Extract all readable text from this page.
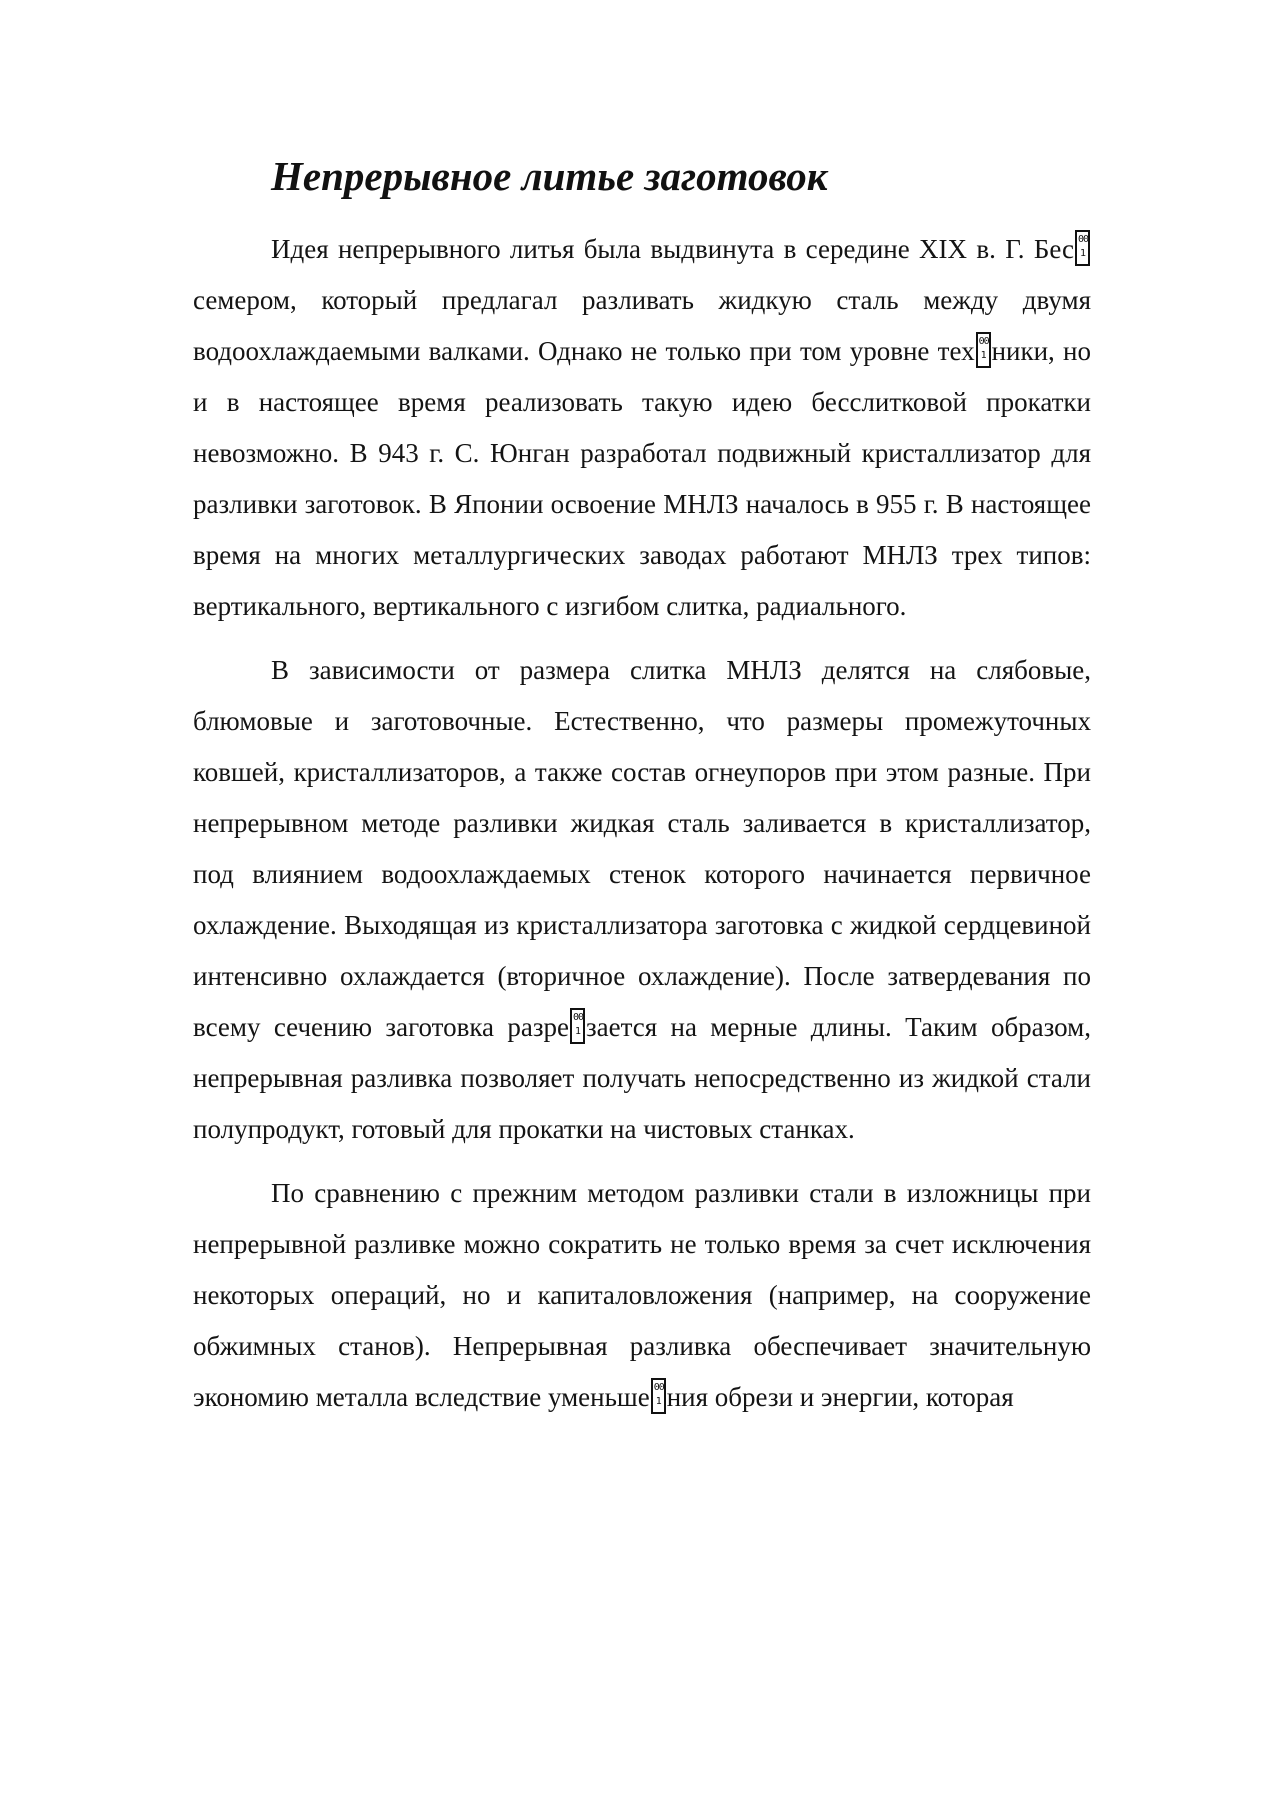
Непрерывное литье заготовок

Идея непрерывного литья была выдвинута в середине XIX в. Г. Бес00 1семером, который предлагал разливать жидкую сталь между двумя водоохлаждаемыми валками. Однако не только при том уровне тех 00 1 ники, но и в настоящее время реализовать такую идею бесслитковой прокатки невозможно. В 943 г. С. Юнган разработал подвижный кристаллизатор для разливки заготовок. В Японии освоение МНЛЗ началось в 955 г. В настоящее время на многих металлургических заводах работают МНЛЗ трех типов: вертикального, вертикального с изгибом слитка, радиального.

В зависимости от размера слитка МНЛЗ делятся на слябовые, блюмовые и заготовочные. Естественно, что размеры промежуточных ковшей, кристаллизаторов, а также состав огнеупоров при этом разные. При непрерывном методе разливки жидкая сталь заливается в кристаллизатор, под влиянием водоохлаждаемых стенок которого начинается первичное охлаждение. Выходящая из кристаллизатора заготовка с жидкой сердцевиной интенсивно охлаждается (вторичное охлаждение). После затвердевания по всему сечению заготовка разре 00 1 зается на мерные длины. Таким образом, непрерывная разливка позволяет получать непосредственно из жидкой стали полупродукт, готовый для прокатки на чистовых станках.

По сравнению с прежним методом разливки стали в изложницы при непрерывной разливке можно сократить не только время за счет исключения некоторых операций, но и капиталовложения (например, на сооружение обжимных станов). Непрерывная разливка обеспечивает значительную экономию металла вследствие уменьше 00 1 ния обрези и энергии, которая
